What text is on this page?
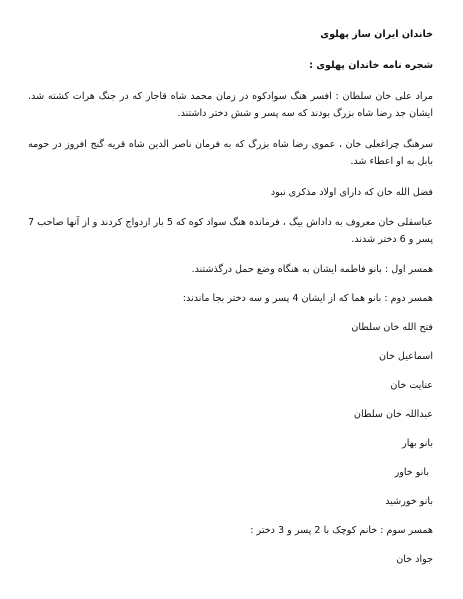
خاندان ایران ساز پهلوی

شجره نامه خاندان پهلوی :

مراد علی خان سلطان : افسر هنگ سوادکوه در زمان محمد شاه قاجار که در جنگ هرات کشته شد. ایشان جد رضا شاه بزرگ بودند که سه پسر و شش دختر داشتند.

سرهنگ چراغعلی خان ، عموی رضا شاه بزرگ که به فرمان ناصر الدین شاه قریه گنج افروز در حومه بابل به او اعطاء شد.

فضل الله خان که دارای اولاد مذکری نبود

عباسقلی خان معروف به داداش بیگ ، فرمانده هنگ سواد کوه که 5 بار ازدواج کردند و از آنها صاحب 7 پسر و 6 دختر شدند.

همسر اول : بانو فاطمه ایشان به هنگاه وضع حمل درگذشتند.

همسر دوم : بانو هما که از ایشان 4 پسر و سه دختر بجا ماندند:

فتح الله خان سلطان

اسماعیل خان

عنایت خان

عبداللہ خان سلطان

بانو بهار

بانو خاور

بانو خورشید

همسر سوم : خانم کوچک با 2 پسر و 3 دختر :

جواد خان
